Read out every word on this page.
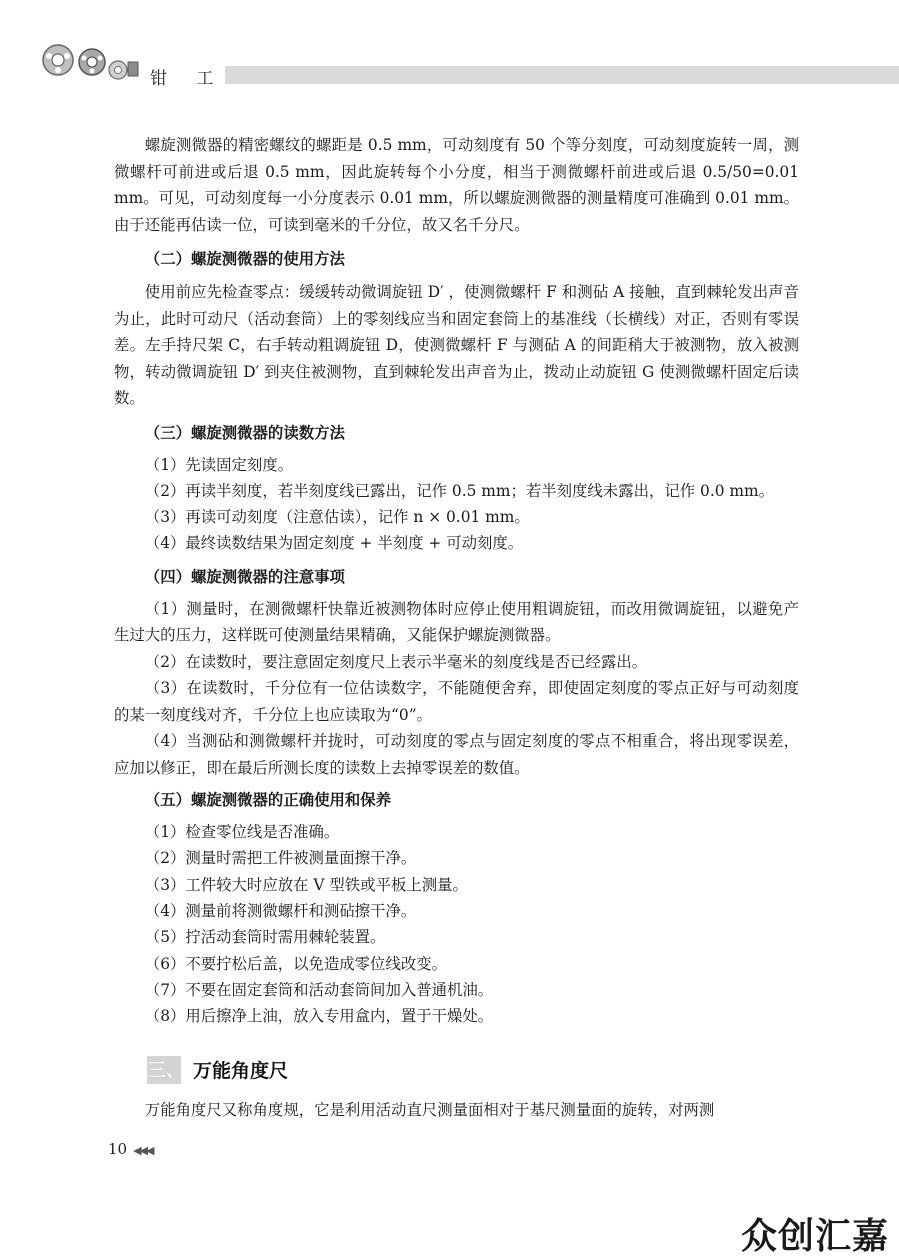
钳 工

螺旋测微器的精密螺纹的螺距是 0.5 mm，可动刻度有 50 个等分刻度，可动刻度旋转一周，测微螺杆可前进或后退 0.5 mm，因此旋转每个小分度，相当于测微螺杆前进或后退 0.5/50=0.01 mm。可见，可动刻度每一小分度表示 0.01 mm，所以螺旋测微器的测量精度可准确到 0.01 mm。由于还能再估读一位，可读到毫米的千分位，故又名千分尺。

（二）螺旋测微器的使用方法

使用前应先检查零点：缓缓转动微调旋钮 D′ ，使测微螺杆 F 和测砧 A 接触，直到棘轮发出声音为止，此时可动尺（活动套筒）上的零刻线应当和固定套筒上的基准线（长横线）对正，否则有零误差。左手持尺架 C，右手转动粗调旋钮 D，使测微螺杆 F 与测砧 A 的间距稍大于被测物，放入被测物，转动微调旋钮 D′ 到夹住被测物，直到棘轮发出声音为止，拨动止动旋钮 G 使测微螺杆固定后读数。

（三）螺旋测微器的读数方法

（1）先读固定刻度。

（2）再读半刻度，若半刻度线已露出，记作 0.5 mm；若半刻度线未露出，记作 0.0 mm。

（3）再读可动刻度（注意估读），记作 n × 0.01 mm。

（4）最终读数结果为固定刻度 + 半刻度 + 可动刻度。

（四）螺旋测微器的注意事项

（1）测量时，在测微螺杆快靠近被测物体时应停止使用粗调旋钮，而改用微调旋钮，以避免产生过大的压力，这样既可使测量结果精确，又能保护螺旋测微器。

（2）在读数时，要注意固定刻度尺上表示半毫米的刻度线是否已经露出。

（3）在读数时，千分位有一位估读数字，不能随便舍弃，即使固定刻度的零点正好与可动刻度的某一刻度线对齐，千分位上也应读取为“0”。

（4）当测砧和测微螺杆并拢时，可动刻度的零点与固定刻度的零点不相重合，将出现零误差，应加以修正，即在最后所测长度的读数上去掉零误差的数值。

（五）螺旋测微器的正确使用和保养

（1）检查零位线是否准确。

（2）测量时需把工件被测量面擦干净。

（3）工件较大时应放在 V 型铁或平板上测量。

（4）测量前将测微螺杆和测砧擦干净。

（5）拧活动套筒时需用棘轮装置。

（6）不要拧松后盖，以免造成零位线改变。

（7）不要在固定套筒和活动套筒间加入普通机油。

（8）用后擦净上油，放入专用盒内，置于干燥处。

三、 万能角度尺

万能角度尺又称角度规，它是利用活动直尺测量面相对于基尺测量面的旋转，对两测

10 ◀◀◀
众创汇嘉
